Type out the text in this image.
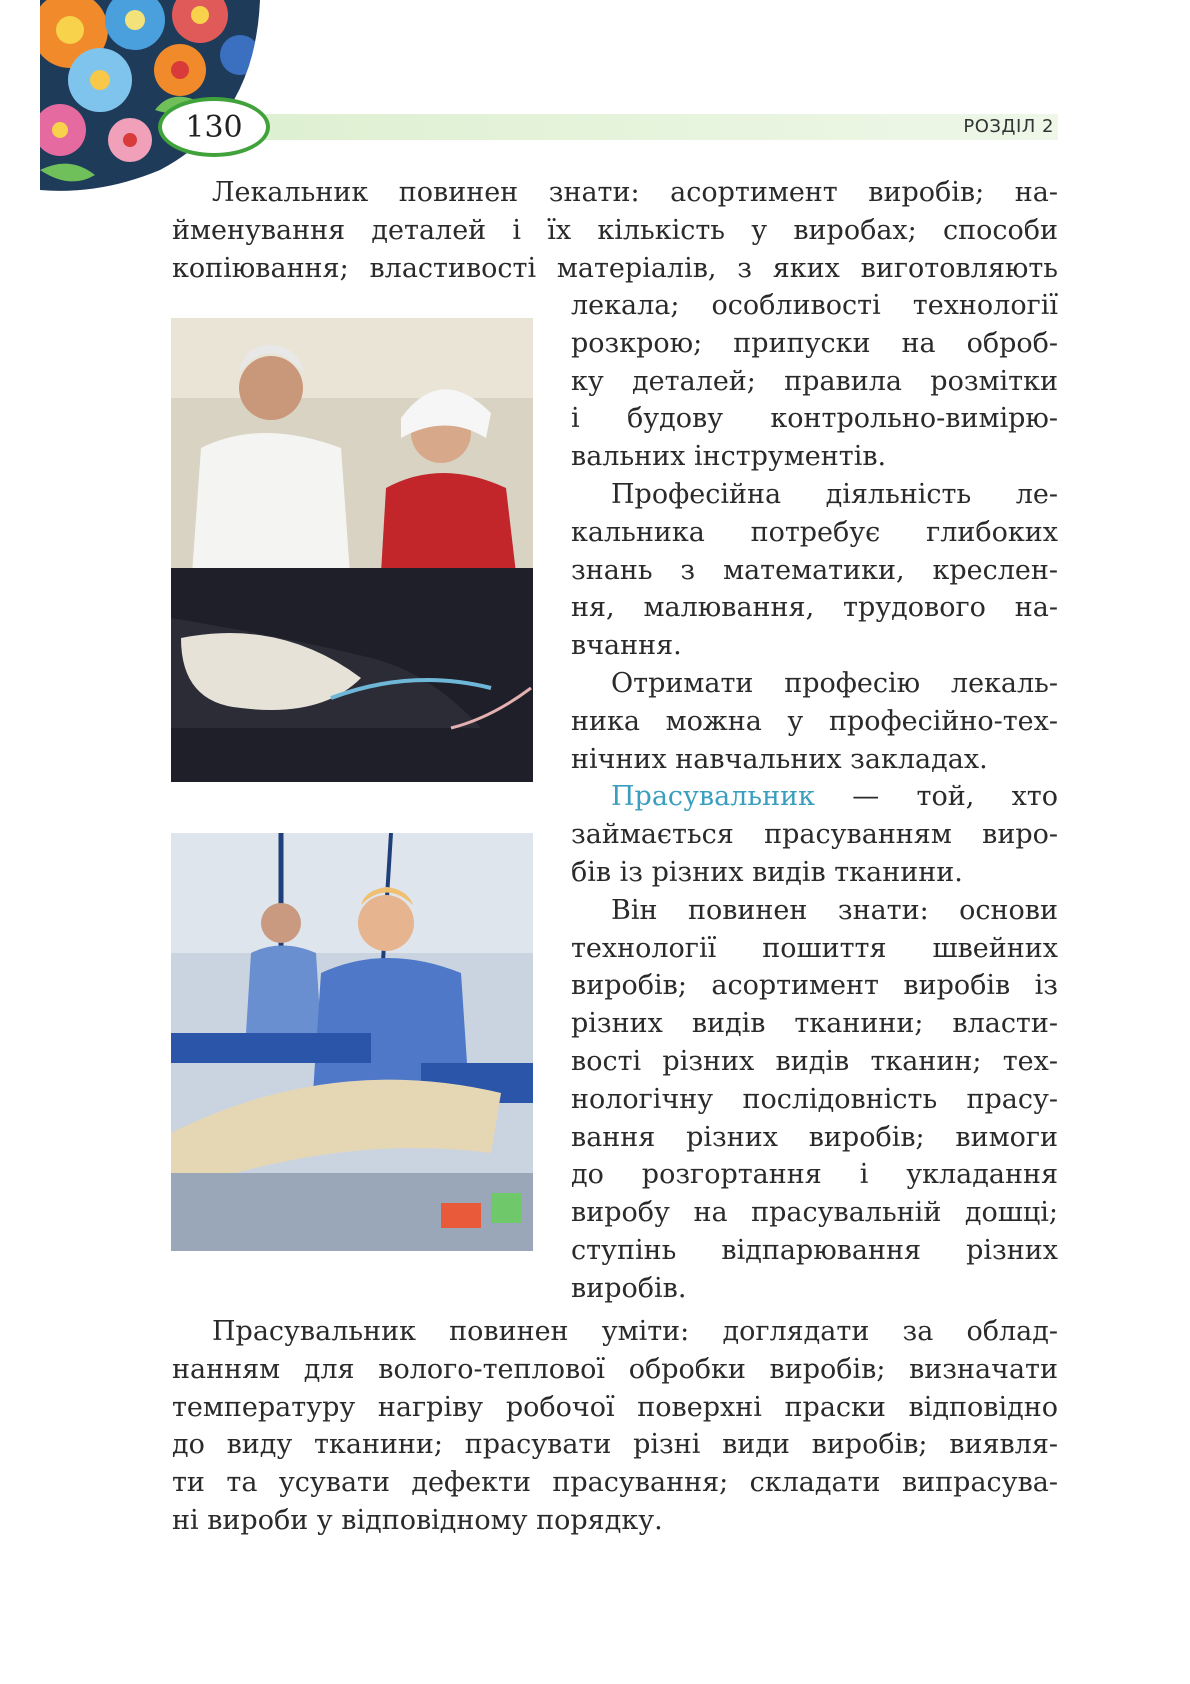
130	РОЗДІЛ 2
Лекальник повинен знати: асортимент виробів; на-
йменування деталей і їх кількість у виробах; способи
копіювання; властивості матеріалів, з яких виготовляють
лекала; особливості технології
розкрою; припуски на оброб-
ку деталей; правила розмітки
і будову контрольно-вимірю-
вальних інструментів.
Професійна діяльність ле-
кальника потребує глибоких
знань з математики, креслен-
ня, малювання, трудового на-
вчання.
Отримати професію лекаль-
ника можна у професійно-тех-
нічних навчальних закладах.
Прасувальник — той, хто
займається прасуванням виро-
бів із різних видів тканини.
Він повинен знати: основи
технології пошиття швейних
виробів; асортимент виробів із
різних видів тканини; власти-
вості різних видів тканин; тех-
нологічну послідовність прасу-
вання різних виробів; вимоги
до розгортання і укладання
виробу на прасувальній дошці;
ступінь відпарювання різних
виробів.
Прасувальник повинен уміти: доглядати за облад-
нанням для волого-теплової обробки виробів; визначати
температуру нагріву робочої поверхні праски відповідно
до виду тканини; прасувати різні види виробів; виявля-
ти та усувати дефекти прасування; складати випрасува-
ні вироби у відповідному порядку.
